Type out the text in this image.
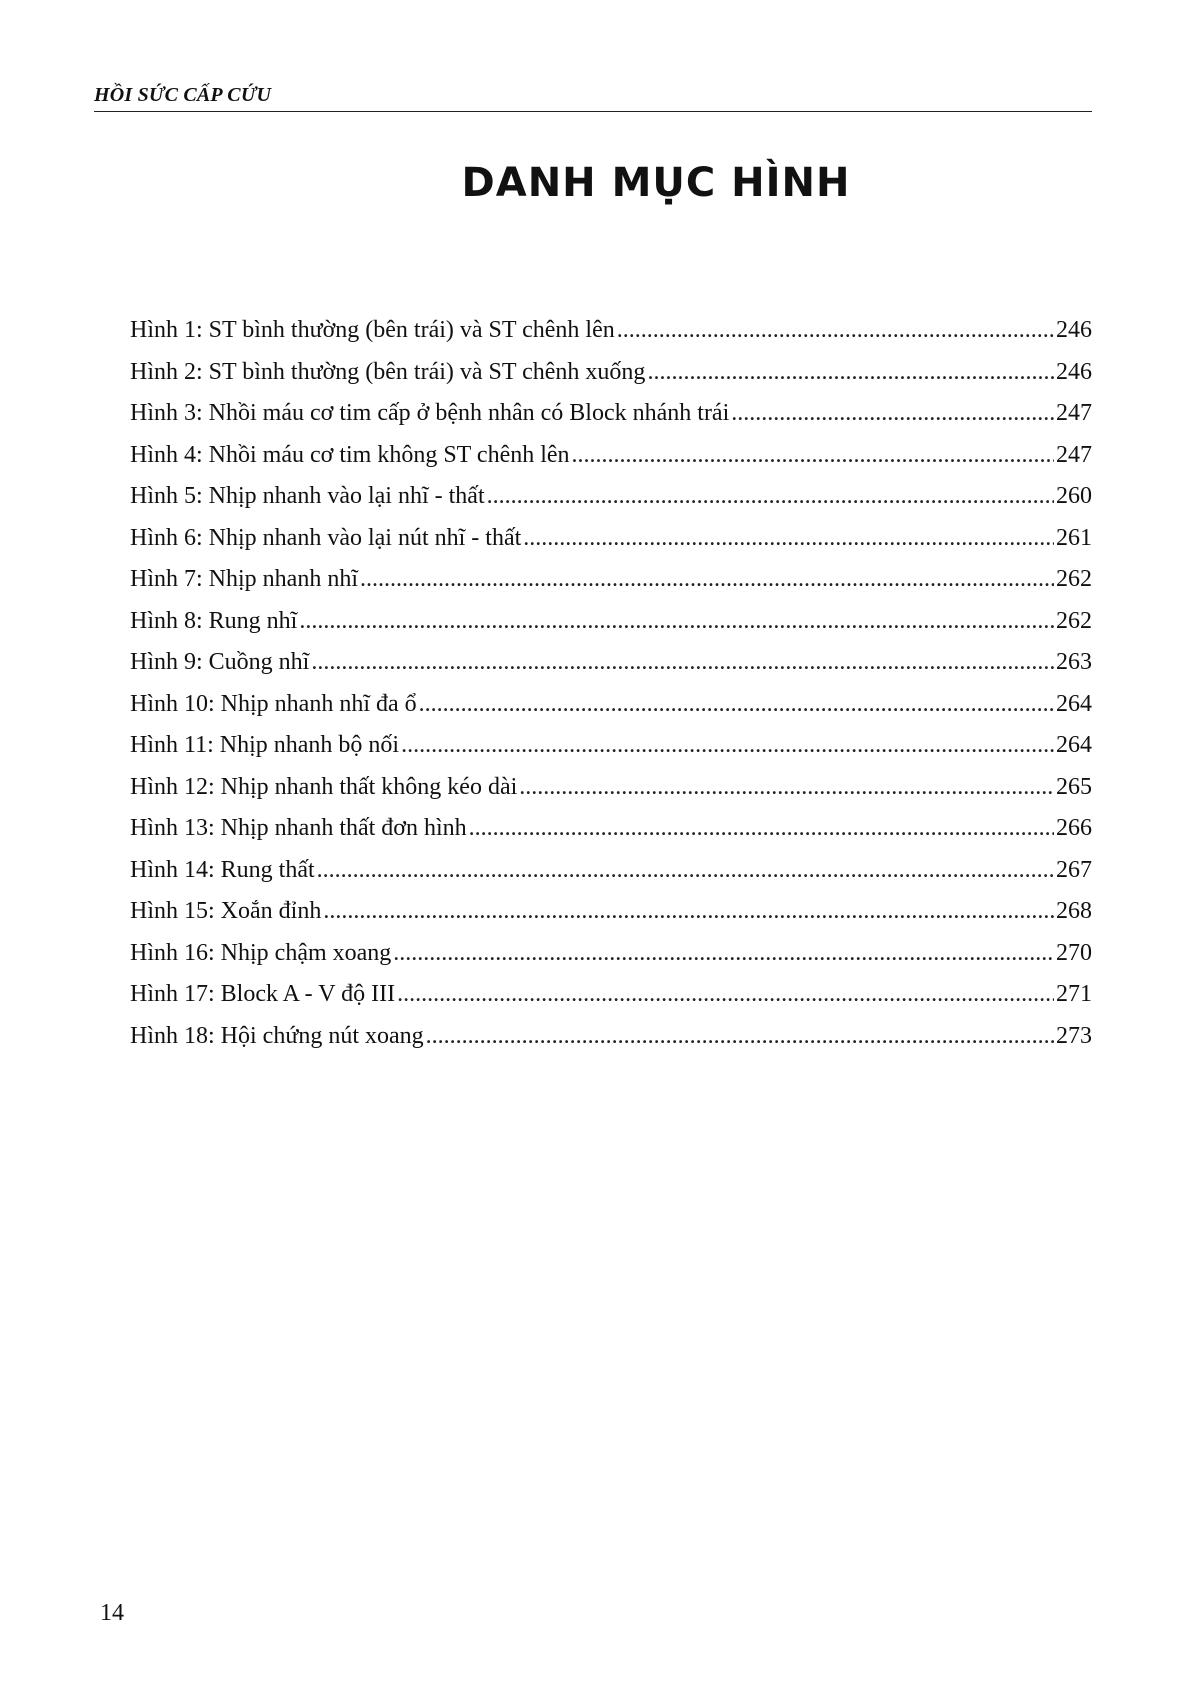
HỒI SỨC CẤP CỨU
DANH MỤC HÌNH
Hình 1: ST bình thường (bên trái) và ST chênh lên .....	246
Hình 2: ST bình thường (bên trái) và ST chênh xuống .....	246
Hình 3: Nhồi máu cơ tim cấp ở bệnh nhân có Block nhánh trái .....	247
Hình 4: Nhồi máu cơ tim không ST chênh lên .....	247
Hình 5: Nhịp nhanh vào lại nhĩ - thất .....	260
Hình 6: Nhịp nhanh vào lại nút nhĩ - thất .....	261
Hình 7: Nhịp nhanh nhĩ .....	262
Hình 8: Rung nhĩ .....	262
Hình 9: Cuồng nhĩ .....	263
Hình 10: Nhịp nhanh nhĩ đa ổ .....	264
Hình 11: Nhịp nhanh bộ nối .....	264
Hình 12: Nhịp nhanh thất không kéo dài .....	265
Hình 13: Nhịp nhanh thất đơn hình .....	266
Hình 14: Rung thất .....	267
Hình 15: Xoắn đỉnh .....	268
Hình 16: Nhịp chậm xoang .....	270
Hình 17: Block A - V độ III .....	271
Hình 18: Hội chứng nút xoang .....	273
14
